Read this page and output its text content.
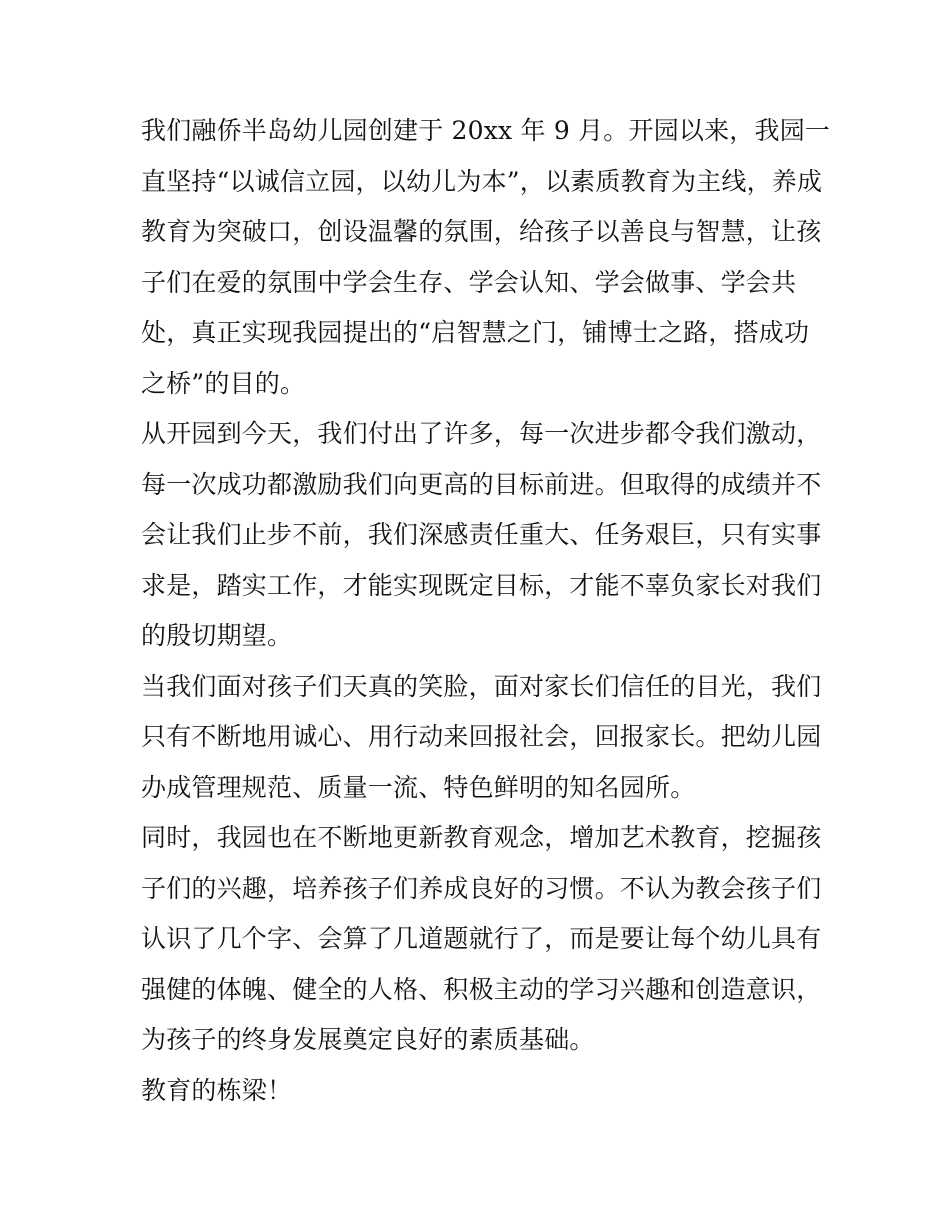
我们融侨半岛幼儿园创建于 20xx 年 9 月。开园以来，我园一
直坚持“以诚信立园，以幼儿为本”，以素质教育为主线，养成
教育为突破口，创设温馨的氛围，给孩子以善良与智慧，让孩
子们在爱的氛围中学会生存、学会认知、学会做事、学会共
处，真正实现我园提出的“启智慧之门，铺博士之路，搭成功
之桥”的目的。
从开园到今天，我们付出了许多，每一次进步都令我们激动，
每一次成功都激励我们向更高的目标前进。但取得的成绩并不
会让我们止步不前，我们深感责任重大、任务艰巨，只有实事
求是，踏实工作，才能实现既定目标，才能不辜负家长对我们
的殷切期望。
当我们面对孩子们天真的笑脸，面对家长们信任的目光，我们
只有不断地用诚心、用行动来回报社会，回报家长。把幼儿园
办成管理规范、质量一流、特色鲜明的知名园所。
同时，我园也在不断地更新教育观念，增加艺术教育，挖掘孩
子们的兴趣，培养孩子们养成良好的习惯。不认为教会孩子们
认识了几个字、会算了几道题就行了，而是要让每个幼儿具有
强健的体魄、健全的人格、积极主动的学习兴趣和创造意识，
为孩子的终身发展奠定良好的素质基础。
教育的栋梁！
